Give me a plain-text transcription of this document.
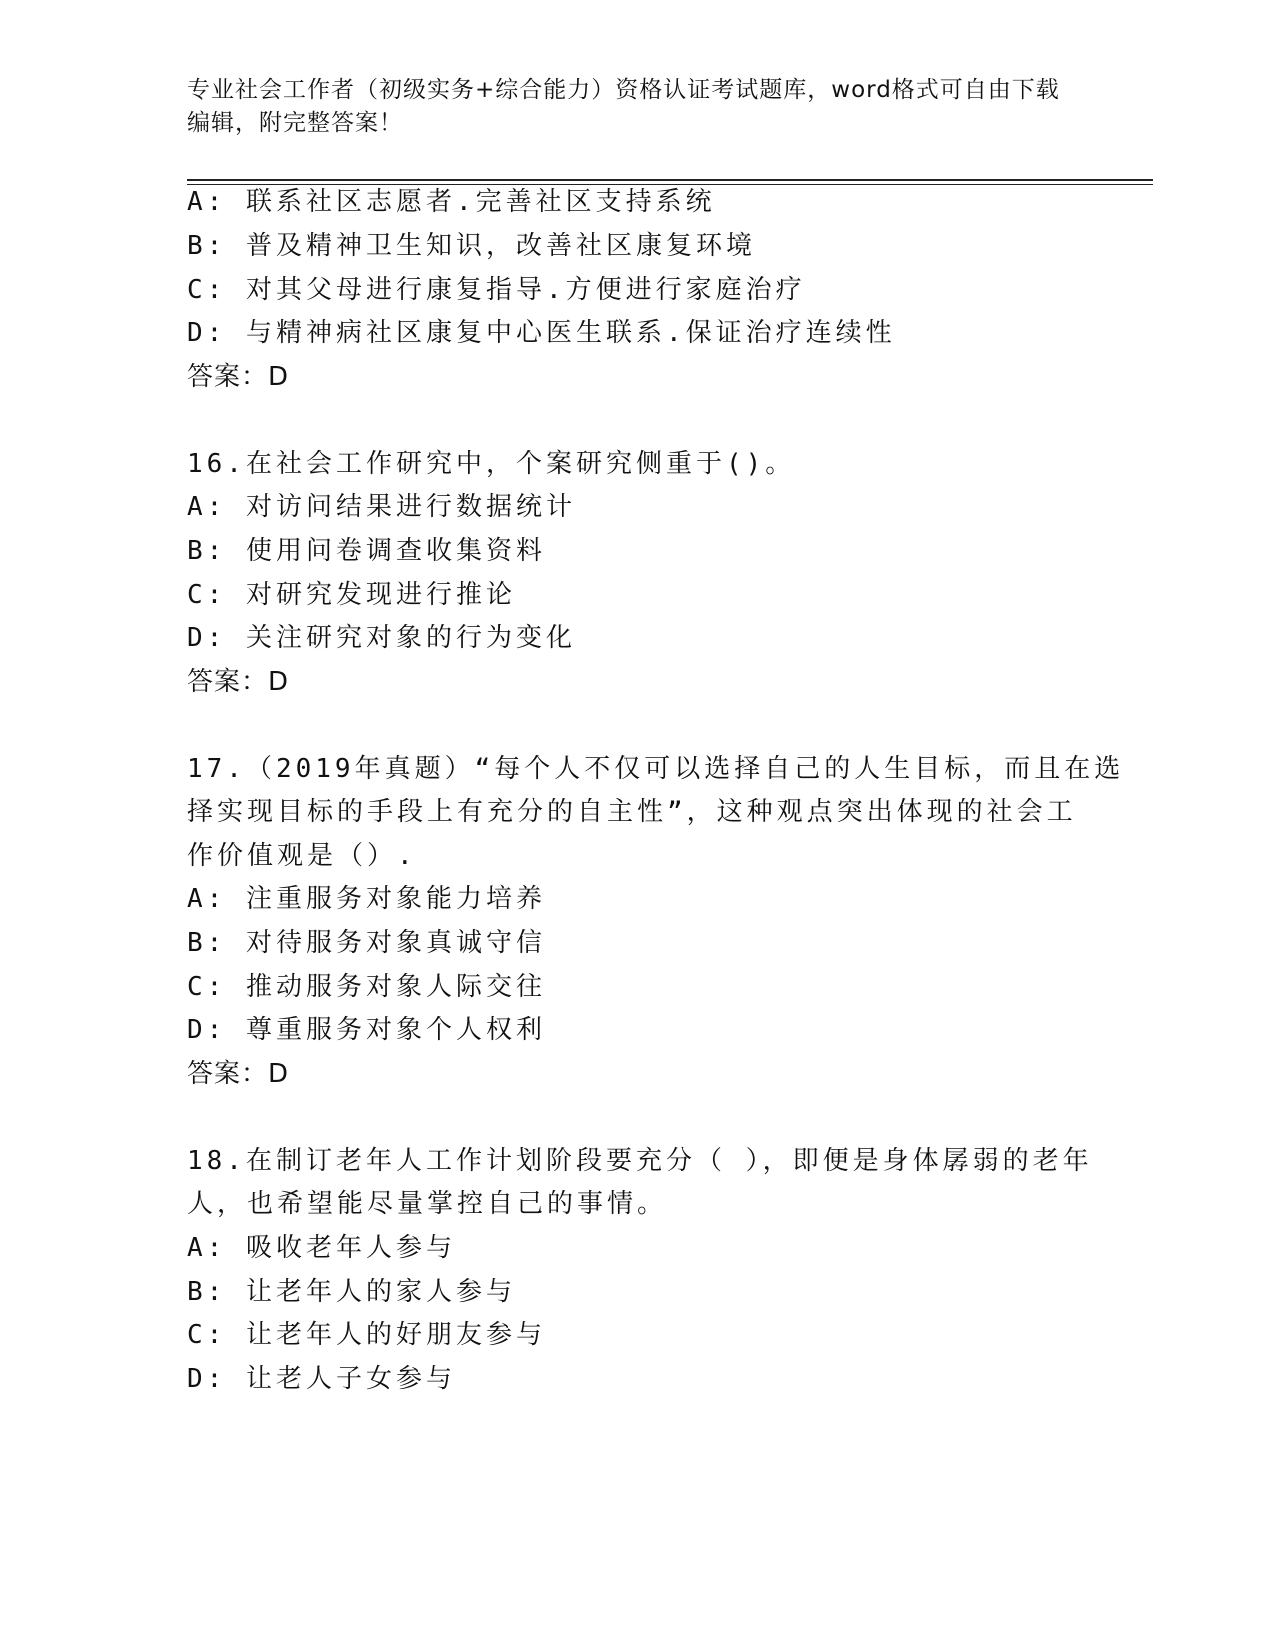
专业社会工作者（初级实务+综合能力）资格认证考试题库，word格式可自由下载
编辑，附完整答案！
A: 联系社区志愿者.完善社区支持系统
B: 普及精神卫生知识，改善社区康复环境
C: 对其父母进行康复指导.方便进行家庭治疗
D: 与精神病社区康复中心医生联系.保证治疗连续性
答案：D
16.在社会工作研究中，个案研究侧重于()。
A: 对访问结果进行数据统计
B: 使用问卷调查收集资料
C: 对研究发现进行推论
D: 关注研究对象的行为变化
答案：D
17.（2019年真题）“每个人不仅可以选择自己的人生目标，而且在选
择实现目标的手段上有充分的自主性”，这种观点突出体现的社会工
作价值观是（）.
A: 注重服务对象能力培养
B: 对待服务对象真诚守信
C: 推动服务对象人际交往
D: 尊重服务对象个人权利
答案：D
18.在制订老年人工作计划阶段要充分（ ），即便是身体孱弱的老年
人，也希望能尽量掌控自己的事情。
A: 吸收老年人参与
B: 让老年人的家人参与
C: 让老年人的好朋友参与
D: 让老人子女参与
